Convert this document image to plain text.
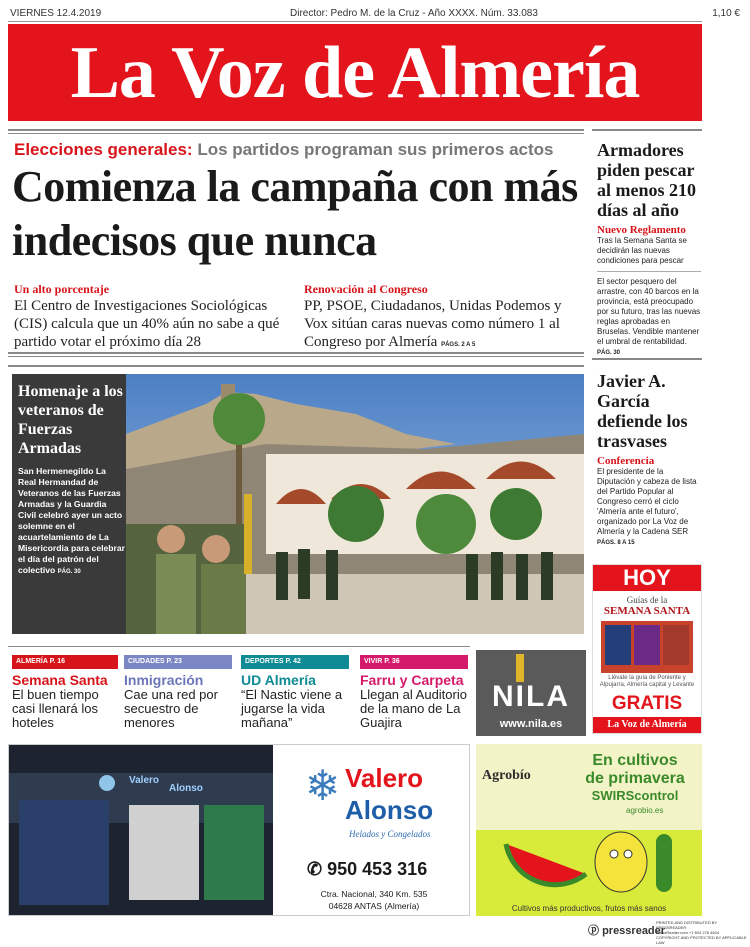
VIERNES 12.4.2019	Director: Pedro M. de la Cruz - Año XXXX. Núm. 33.083	1,10 €
La Voz de Almería
Elecciones generales: Los partidos programan sus primeros actos
Comienza la campaña con más indecisos que nunca
Un alto porcentaje
El Centro de Investigaciones Sociológicas (CIS) calcula que un 40% aún no sabe a qué partido votar el próximo día 28
Renovación al Congreso
PP, PSOE, Ciudadanos, Unidas Podemos y Vox sitúan caras nuevas como número 1 al Congreso por Almería PÁGS. 2 A 5
Armadores piden pescar al menos 210 días al año
Nuevo Reglamento
Tras la Semana Santa se decidirán las nuevas condiciones para pescar
El sector pesquero del arrastre, con 40 barcos en la provincia, está preocupado por su futuro, tras las nuevas reglas aprobadas en Bruselas. Vendible mantener el umbral de rentabilidad. PÁG. 30
Javier A. García defiende los trasvases
Conferencia
El presidente de la Diputación y cabeza de lista del Partido Popular al Congreso cerró el ciclo 'Almería ante el futuro', organizado por La Voz de Almería y la Cadena SER PÁGS. 8 A 15
Homenaje a los veteranos de Fuerzas Armadas
San Hermenegildo La Real Hermandad de Veteranos de las Fuerzas Armadas y la Guardia Civil celebró ayer un acto solemne en el acuartelamiento de La Misericordia para celebrar el día del patrón del colectivo PÁG. 30	HOY
Guías de la
SEMANA SANTA
Llévate la guía de Poniente y Alpujarra, Almería capital y Levante
GRATIS
La Voz de Almería
ALMERÍA P. 16
Semana Santa
El buen tiempo casi llenará los hoteles
CIUDADES P. 23
Inmigración
Cae una red por secuestro de menores
DEPORTES P. 42
UD Almería
“El Nastic viene a jugarse la vida mañana”
VIVIR P. 36
Farru y Carpeta
Llegan al Auditorio de la mano de La Guajira
NILA
www.nila.es
Valero
Alonso ❄ Valero
Alonso
Helados y Congelados
✆ 950 453 316
Ctra. Nacional, 340 Km. 535
04628 ANTAS (Almería)
Agrobío
En cultivos
de primavera
SWIRScontrol
agrobio.es
Cultivos más productivos, frutos más sanos
ⓟ pressreader
PRINTED AND DISTRIBUTED BY PRESSREADER
PressReader.com +1 604 278 4604
COPYRIGHT AND PROTECTED BY APPLICABLE LAW
